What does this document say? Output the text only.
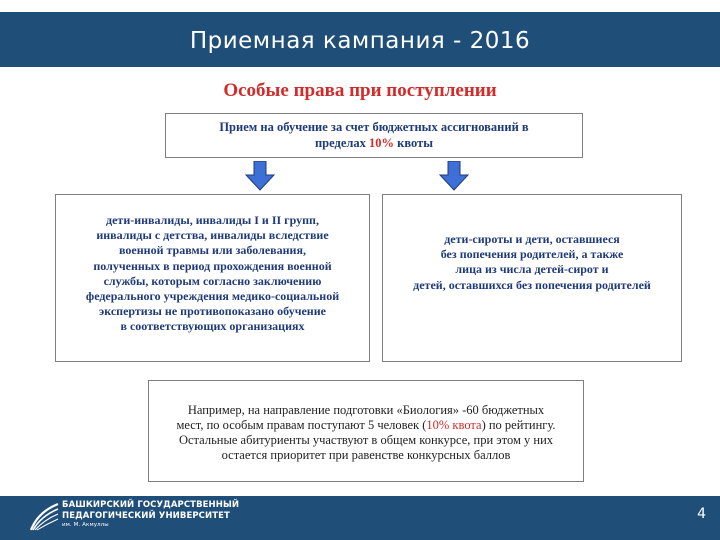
Приемная кампания - 2016
Особые права при поступлении
Прием на обучение за счет бюджетных ассигнований в
пределах 10% квоты
дети-инвалиды, инвалиды I и II групп,
инвалиды с детства, инвалиды вследствие
военной травмы или заболевания,
полученных в период прохождения военной
службы, которым согласно заключению
федерального учреждения медико-социальной
экспертизы не противопоказано обучение
в соответствующих организациях
дети-сироты и дети, оставшиеся
без попечения родителей, а также
лица из числа детей-сирот и
детей, оставшихся без попечения родителей
Например, на направление подготовки «Биология» -60 бюджетных
мест, по особым правам поступают 5 человек (10% квота) по рейтингу.
Остальные абитуриенты участвуют в общем конкурсе, при этом у них
остается приоритет при равенстве конкурсных баллов
БАШКИРСКИЙ ГОСУДАРСТВЕННЫЙ
ПЕДАГОГИЧЕСКИЙ УНИВЕРСИТЕТ
им. М. Акмуллы
4
